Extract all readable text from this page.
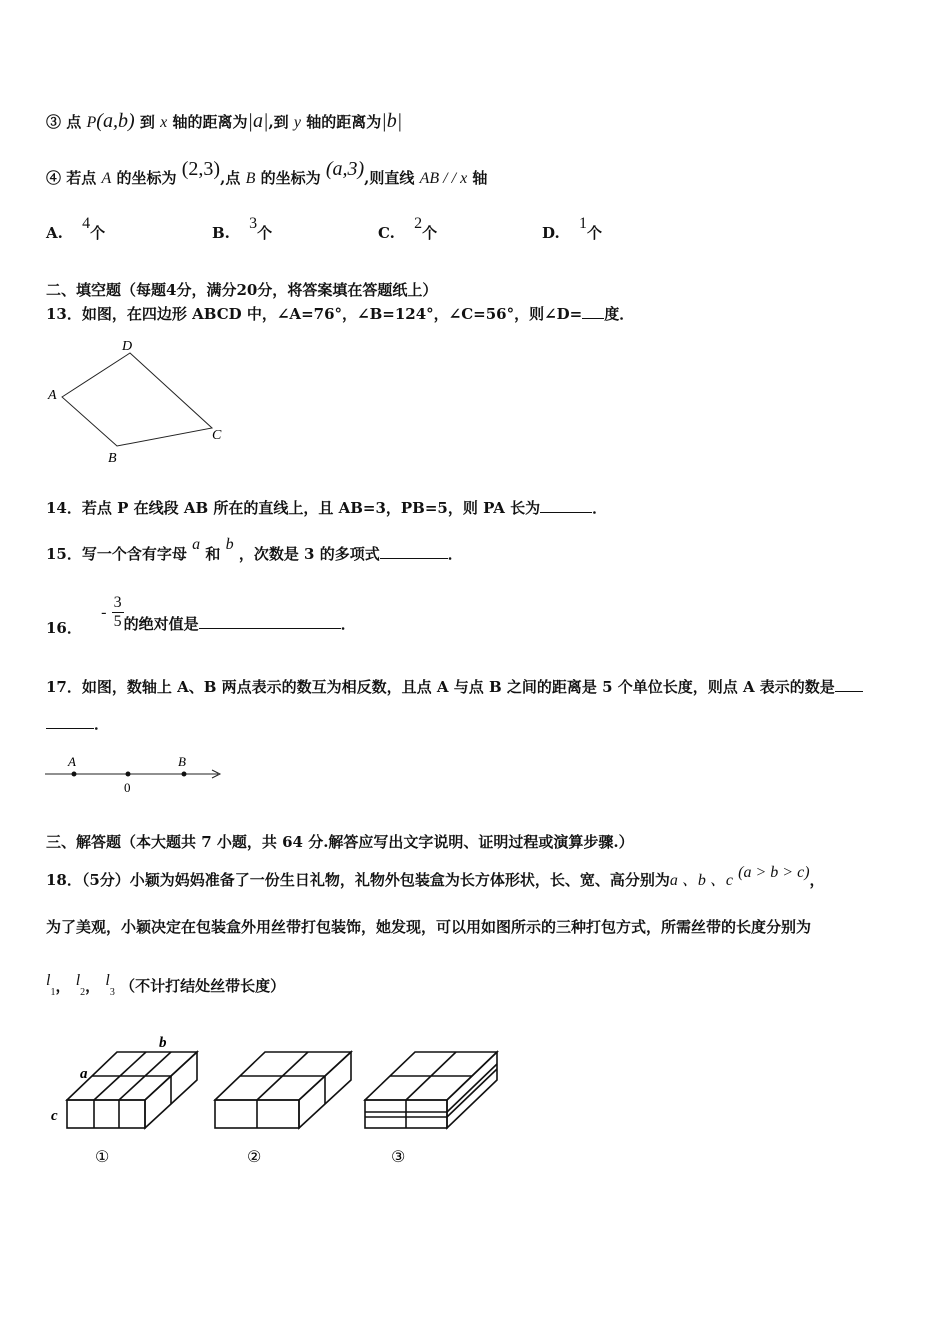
③ 点 P(a,b) 到 x 轴的距离为|a|,到 y 轴的距离为|b|
④ 若点 A 的坐标为 (2,3),点 B 的坐标为 (a,3),则直线 AB / / x 轴
A. 4个	B. 3个	C. 2个	D. 1个
二、填空题（每题4分，满分20分，将答案填在答题纸上）
13．如图，在四边形 ABCD 中，∠A=76°，∠B=124°，∠C=56°，则∠D= 度．
A
D
C
B
14．若点 P 在线段 AB 所在的直线上，且 AB=3，PB=5，则 PA 长为	．
15．写一个含有字母 a 和 b ，次数是 3 的多项式	．
16． - $\frac{3}{5}$ 的绝对值是	．
17．如图，数轴上 A、B 两点表示的数互为相反数，且点 A 与点 B 之间的距离是 5 个单位长度，则点 A 表示的数是
．
A
0
B
三、解答题（本大题共 7 小题，共 64 分.解答应写出文字说明、证明过程或演算步骤.）
18．（5分）小颖为妈妈准备了一份生日礼物，礼物外包装盒为长方体形状，长、宽、高分别为a 、b 、c (a > b > c)，
为了美观，小颖决定在包装盒外用丝带打包装饰，她发现，可以用如图所示的三种打包方式，所需丝带的长度分别为
$l_1$， $l_2$， $l_3$ （不计打结处丝带长度）
a
b
c
①	②	③
